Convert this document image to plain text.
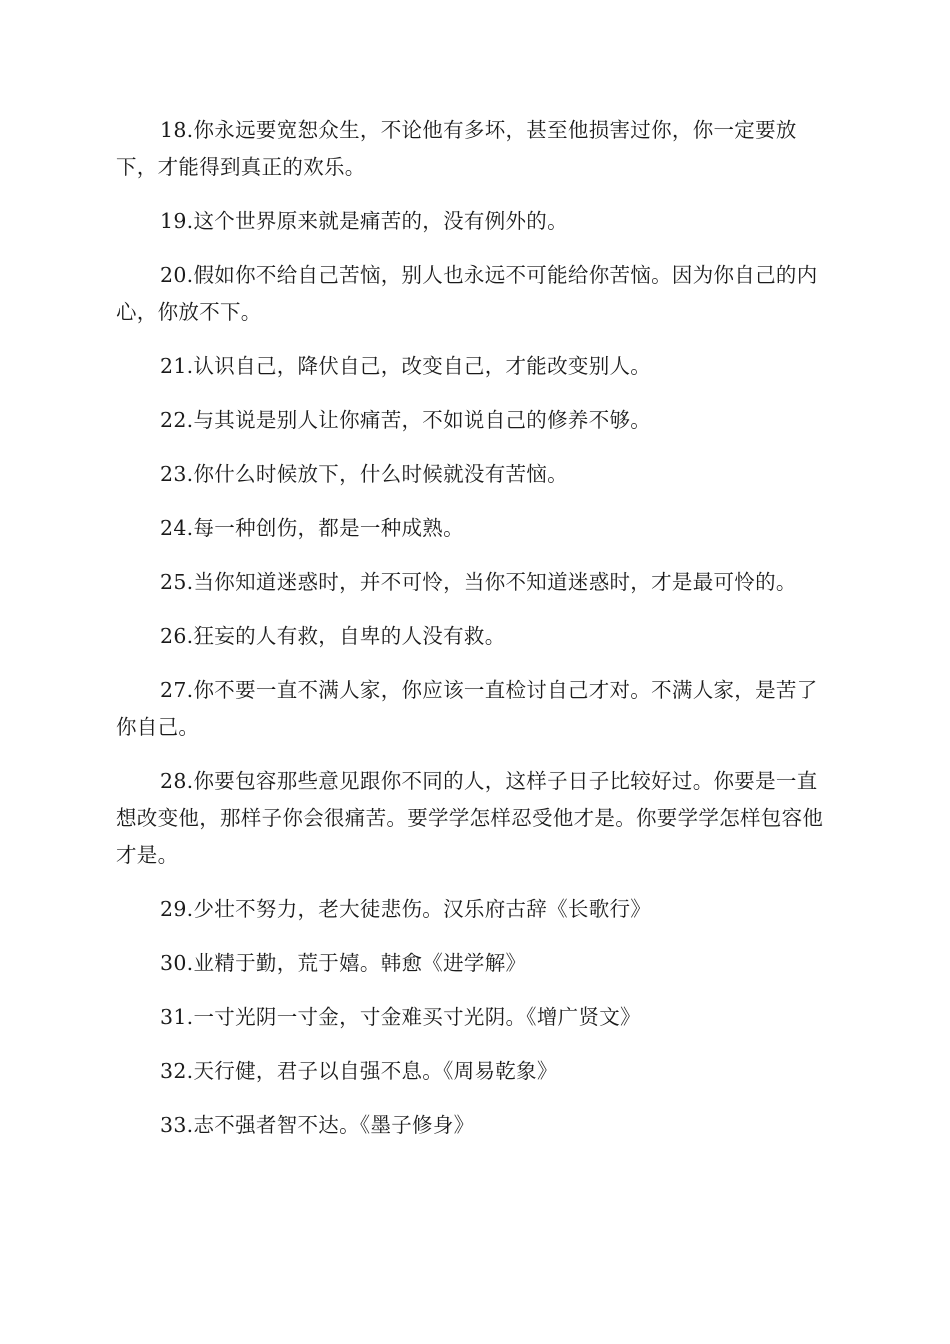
18.你永远要宽恕众生，不论他有多坏，甚至他损害过你，你一定要放下，才能得到真正的欢乐。

19.这个世界原来就是痛苦的，没有例外的。

20.假如你不给自己苦恼，别人也永远不可能给你苦恼。因为你自己的内心，你放不下。

21.认识自己，降伏自己，改变自己，才能改变别人。

22.与其说是别人让你痛苦，不如说自己的修养不够。

23.你什么时候放下，什么时候就没有苦恼。

24.每一种创伤，都是一种成熟。

25.当你知道迷惑时，并不可怜，当你不知道迷惑时，才是最可怜的。

26.狂妄的人有救，自卑的人没有救。

27.你不要一直不满人家，你应该一直检讨自己才对。不满人家，是苦了你自己。

28.你要包容那些意见跟你不同的人，这样子日子比较好过。你要是一直想改变他，那样子你会很痛苦。要学学怎样忍受他才是。你要学学怎样包容他才是。

29.少壮不努力，老大徒悲伤。汉乐府古辞《长歌行》

30.业精于勤，荒于嬉。韩愈《进学解》

31.一寸光阴一寸金，寸金难买寸光阴。《增广贤文》

32.天行健，君子以自强不息。《周易乾象》

33.志不强者智不达。《墨子修身》
